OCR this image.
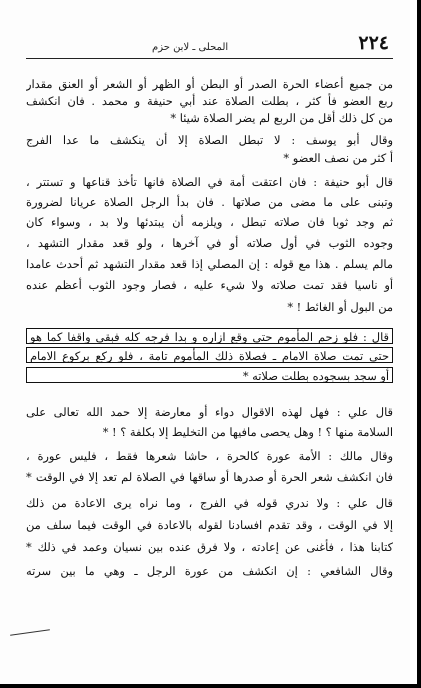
٢٢٤
المحلى ـ لابن حزم
من جميع أعضاء الحرة الصدر أو البطن أو الظهر أو الشعر أو العنق مقدار
ربع العضو فأ كثر ، بطلت الصلاة عند أبي حنيفة و محمد . فان انكشف
من كل ذلك أقل من الربع لم يضر الصلاة شيئا *
وقال أبو يوسف : لا تبطل الصلاة إلا أن ينكشف ما عدا الفرج
أ كثر من نصف العضو *
قال أبو حنيفة : فان اعتقت أمة في الصلاة فانها تأخذ قناعها و تستتر ،
وتبنى على ما مضى من صلاتها . فان بدأ الرجل الصلاة عريانا لضرورة
ثم وجد ثوبا فان صلاته تبطل ، ويلزمه أن يبتدئها ولا بد ، وسواء كان
وجوده الثوب في أول صلاته أو في آخرها ، ولو قعد مقدار التشهد ،
مالم يسلم . هذا مع قوله : إن المصلي إذا قعد مقدار التشهد ثم أحدث عامدا
أو ناسيا فقد تمت صلاته ولا شيء عليه ، فصار وجود الثوب أعظم عنده
من البول أو الغائط ! *
قال : فلو زحم المأموم حتى وقع ازاره و بدا فرجه كله فبقى واقفا كما هو
حتى تمت صلاة الامام ـ فصلاة ذلك المأموم تامة ، فلو ركع بركوع الامام
أو سجد بسجوده بطلت صلاته *
قال علي : فهل لهذه الاقوال دواء أو معارضة إلا حمد الله تعالى على
السلامة منها ؟ ! وهل يحصى مافيها من التخليط إلا بكلفة ؟ ! *
وقال مالك : الأمة عورة كالحرة ، حاشا شعرها فقط ، فليس عورة ،
فان انكشف شعر الحرة أو صدرها أو ساقها في الصلاة لم تعد إلا في الوقت *
قال علي : ولا ندري قوله في الفرج ، وما نراه يرى الاعادة من ذلك
إلا في الوقت ، وقد تقدم افسادنا لقوله بالاعادة في الوقت فيما سلف من
كتابنا هذا ، فأغنى عن إعادته ، ولا فرق عنده بين نسيان وعمد في ذلك *
وقال الشافعي : إن انكشف من عورة الرجل ـ وهي ما بين سرته
